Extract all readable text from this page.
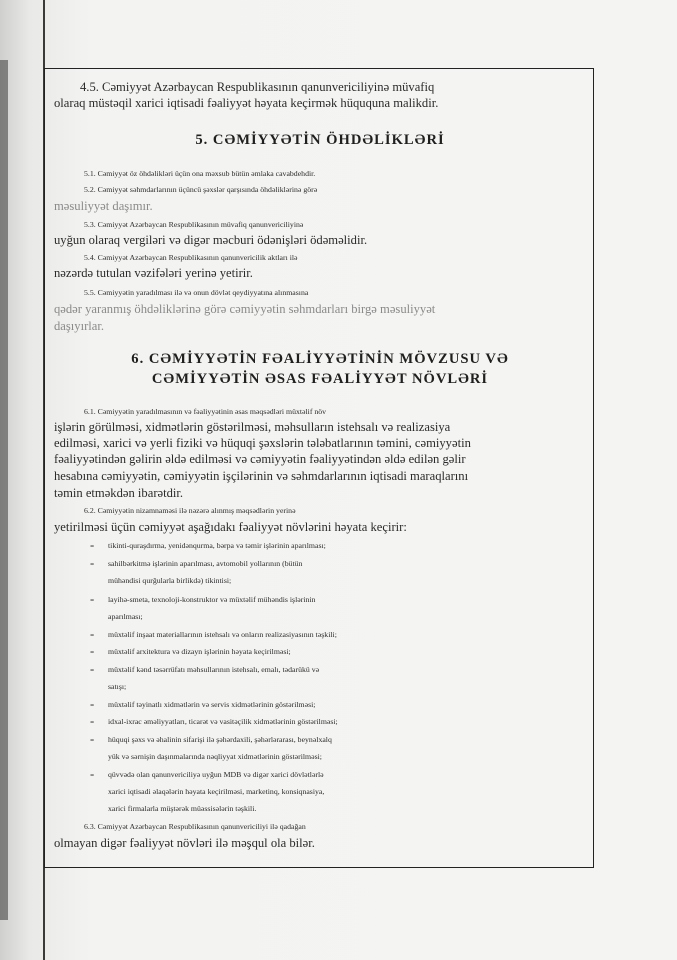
4.5. Cəmiyyət Azərbaycan Respublikasının qanunvericiliyinə müvafiq
olaraq müstəqil xarici iqtisadi fəaliyyət həyata keçirmək hüququna malikdir.
5. CƏMİYYƏTİN ÖHDƏLİKLƏRİ
5.1. Cəmiyyət öz öhdəlikləri üçün ona məxsub bütün əmlaka cavabdehdir.
5.2. Cəmiyyət səhmdarlarının üçüncü şəxslər qarşısında öhdəliklərinə görə
məsuliyyət daşımır.
5.3. Cəmiyyət Azərbaycan Respublikasının müvafiq qanunvericiliyinə
uyğun olaraq vergiləri və digər məcburi ödənişləri ödəməlidir.
5.4. Cəmiyyət Azərbaycan Respublikasının qanunvericilik aktları ilə
nəzərdə tutulan vəzifələri yerinə yetirir.
5.5. Cəmiyyətin yaradılması ilə və onun dövlət qeydiyyatına alınmasına
qədər yaranmış öhdəliklərinə görə cəmiyyətin səhmdarları birgə məsuliyyət
daşıyırlar.
6. CƏMİYYƏTİN FƏALİYYƏTİNİN MÖVZUSU VƏ
CƏMİYYƏTİN ƏSAS FƏALİYYƏT NÖVLƏRİ
6.1. Cəmiyyətin yaradılmasının və fəaliyyətinin əsas məqsədləri müxtəlif növ
işlərin görülməsi, xidmətlərin göstərilməsi, məhsulların istehsalı və realizasiya
edilməsi, xarici və yerli fiziki və hüquqi şəxslərin tələbatlarının təmini, cəmiyyətin
fəaliyyətindən gəlirin əldə edilməsi və cəmiyyətin fəaliyyətindən əldə edilən gəlir
hesabına cəmiyyətin, cəmiyyətin işçilərinin və səhmdarlarının iqtisadi maraqlarını
təmin etməkdən ibarətdir.
6.2. Cəmiyyətin nizamnaməsi ilə nəzərə alınmış məqsədlərin yerinə
yetirilməsi üçün cəmiyyət aşağıdakı fəaliyyət növlərini həyata keçirir:
- tikinti-quraşdırma, yenidənqurma, bərpa və təmir işlərinin aparılması;
- sahilbərkitmə işlərinin aparılması, avtomobil yollarının (bütün
mühəndisi qurğularla birlikdə) tikintisi;
- layihə-smeta, texnoloji-konstruktor və müxtəlif mühəndis işlərinin
aparılması;
- müxtəlif inşaat materiallarının istehsalı və onların realizasiyasının təşkili;
- müxtəlif arxitektura və dizayn işlərinin həyata keçirilməsi;
- müxtəlif kənd təsərrüfatı məhsullarının istehsalı, emalı, tədarükü və
satışı;
- müxtəlif təyinatlı xidmətlərin və servis xidmətlərinin göstərilməsi;
- idxal-ixrac əməliyyatları, ticarət və vasitəçilik xidmətlərinin göstərilməsi;
- hüquqi şəxs və əhalinin sifarişi ilə şəhərdaxili, şəhərlərarası, beynəlxalq
yük və sərnişin daşınmalarında nəqliyyat xidmətlərinin göstərilməsi;
- qüvvədə olan qanunvericiliyə uyğun MDB və digər xarici dövlətlərlə
xarici iqtisadi əlaqələrin həyata keçirilməsi, marketinq, konsiqnasiya,
xarici firmalarla müştərək müəssisələrin təşkili.
6.3. Cəmiyyət Azərbaycan Respublikasının qanunvericiliyi ilə qadağan
olmayan digər fəaliyyət növləri ilə məşqul ola bilər.
